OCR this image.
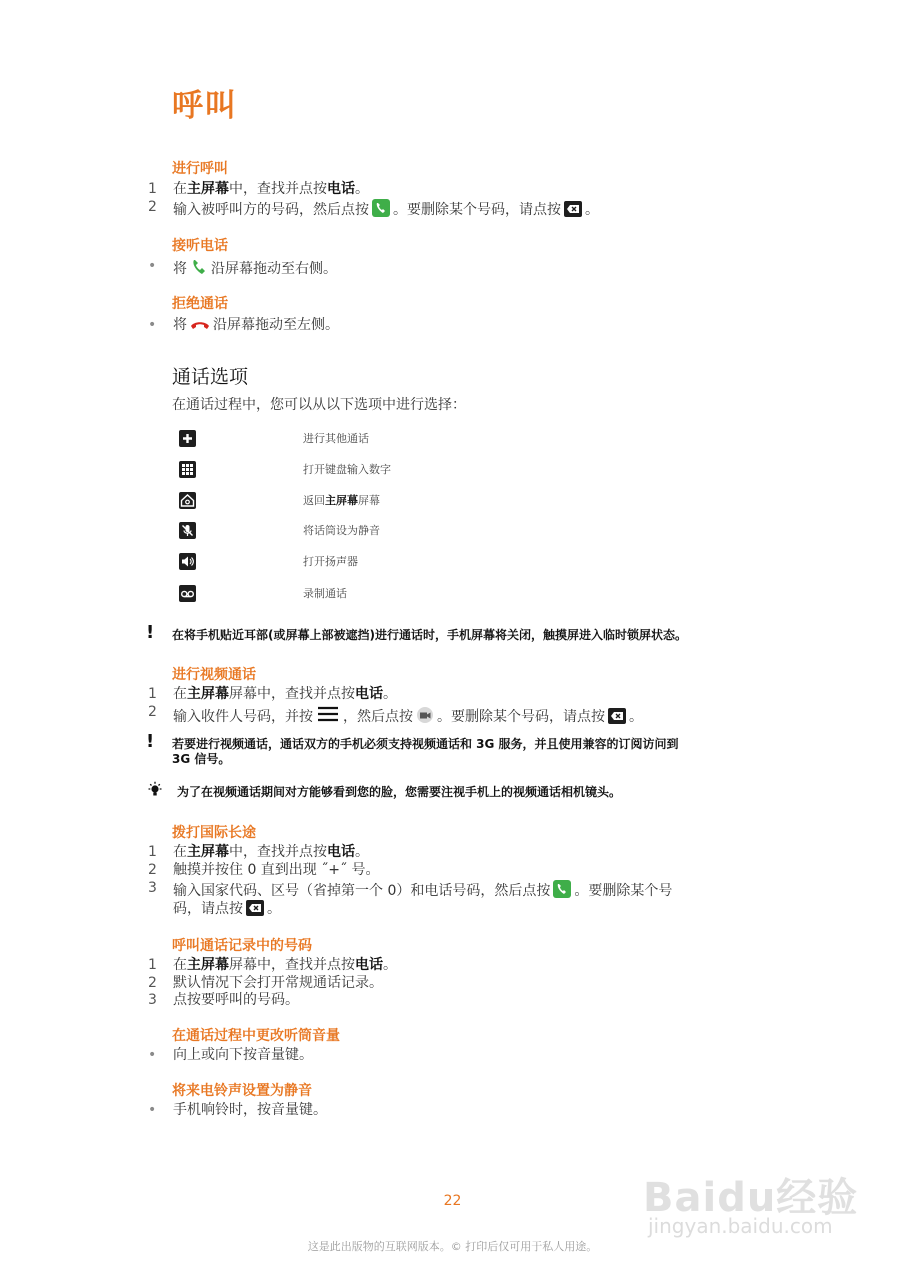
呼叫
进行呼叫
1	在主屏幕中，查找并点按电话。
2	输入被呼叫方的号码，然后点按 。要删除某个号码，请点按 。
接听电话
•	将 沿屏幕拖动至右侧。
拒绝通话
•	将 沿屏幕拖动至左侧。
通话选项
在通话过程中，您可以从以下选项中进行选择：
进行其他通话
打开键盘输入数字
返回主屏幕屏幕
将话筒设为静音
打开扬声器
录制通话
! 在将手机贴近耳部(或屏幕上部被遮挡)进行通话时，手机屏幕将关闭，触摸屏进入临时锁屏状态。
进行视频通话
1	在主屏幕屏幕中，查找并点按电话。
2	输入收件人号码，并按 ，然后点按 。要删除某个号码，请点按 。
! 若要进行视频通话，通话双方的手机必须支持视频通话和 3G 服务，并且使用兼容的订阅访问到
3G 信号。
为了在视频通话期间对方能够看到您的脸，您需要注视手机上的视频通话相机镜头。
拨打国际长途
1	在主屏幕中，查找并点按电话。
2	触摸并按住 0 直到出现 ˝+˝ 号。
3	输入国家代码、区号（省掉第一个 0）和电话号码，然后点按 。要删除某个号
码，请点按 。
呼叫通话记录中的号码
1	在主屏幕屏幕中，查找并点按电话。
2	默认情况下会打开常规通话记录。
3	点按要呼叫的号码。
在通话过程中更改听筒音量
•	向上或向下按音量键。
将来电铃声设置为静音
•	手机响铃时，按音量键。
Baidu经验
jingyan.baidu.com
22
这是此出版物的互联网版本。© 打印后仅可用于私人用途。
